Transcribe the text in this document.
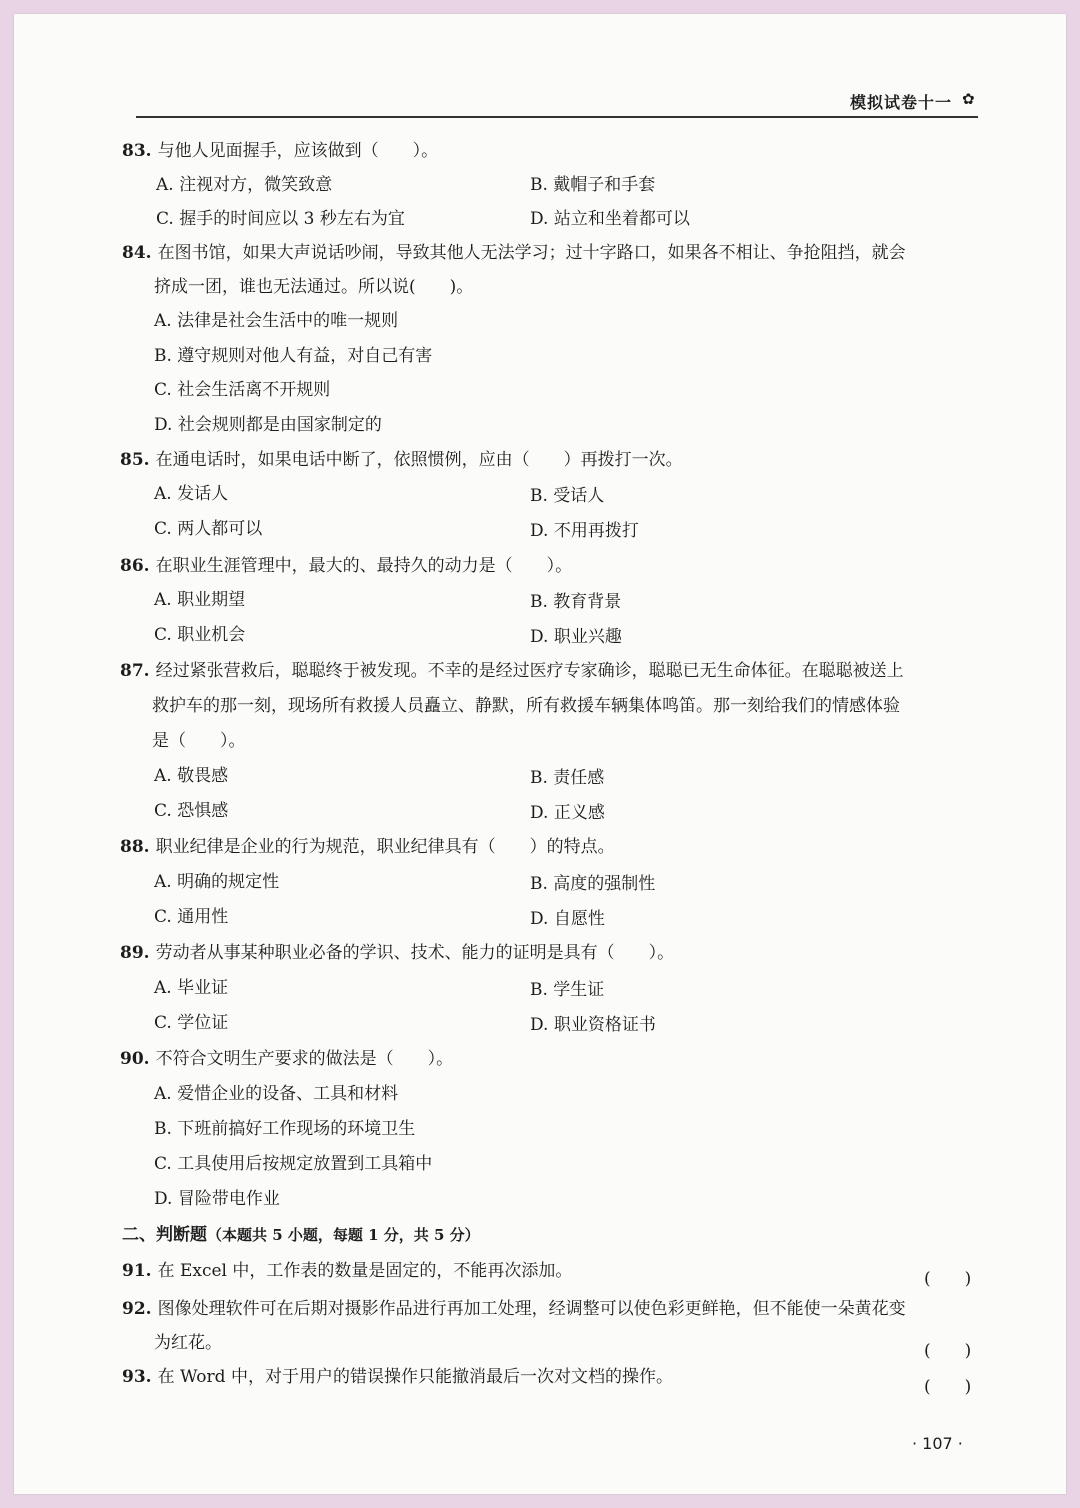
模拟试卷十一 ✿
83. 与他人见面握手，应该做到（　　）。
A. 注视对方，微笑致意	B. 戴帽子和手套
C. 握手的时间应以 3 秒左右为宜	D. 站立和坐着都可以
84. 在图书馆，如果大声说话吵闹，导致其他人无法学习；过十字路口，如果各不相让、争抢阻挡，就会
挤成一团，谁也无法通过。所以说(　　)。
A. 法律是社会生活中的唯一规则
B. 遵守规则对他人有益，对自己有害
C. 社会生活离不开规则
D. 社会规则都是由国家制定的
85. 在通电话时，如果电话中断了，依照惯例，应由（　　）再拨打一次。
A. 发话人	B. 受话人
C. 两人都可以	D. 不用再拨打
86. 在职业生涯管理中，最大的、最持久的动力是（　　）。
A. 职业期望	B. 教育背景
C. 职业机会	D. 职业兴趣
87. 经过紧张营救后，聪聪终于被发现。不幸的是经过医疗专家确诊，聪聪已无生命体征。在聪聪被送上
救护车的那一刻，现场所有救援人员矗立、静默，所有救援车辆集体鸣笛。那一刻给我们的情感体验
是（　　）。
A. 敬畏感	B. 责任感
C. 恐惧感	D. 正义感
88. 职业纪律是企业的行为规范，职业纪律具有（　　）的特点。
A. 明确的规定性	B. 高度的强制性
C. 通用性	D. 自愿性
89. 劳动者从事某种职业必备的学识、技术、能力的证明是具有（　　）。
A. 毕业证	B. 学生证
C. 学位证	D. 职业资格证书
90. 不符合文明生产要求的做法是（　　）。
A. 爱惜企业的设备、工具和材料
B. 下班前搞好工作现场的环境卫生
C. 工具使用后按规定放置到工具箱中
D. 冒险带电作业
二、判断题（本题共 5 小题，每题 1 分，共 5 分）
91. 在 Excel 中，工作表的数量是固定的，不能再次添加。	(　　)
92. 图像处理软件可在后期对摄影作品进行再加工处理，经调整可以使色彩更鲜艳，但不能使一朵黄花变
为红花。	(　　)
93. 在 Word 中，对于用户的错误操作只能撤消最后一次对文档的操作。	(　　)
· 107 ·
